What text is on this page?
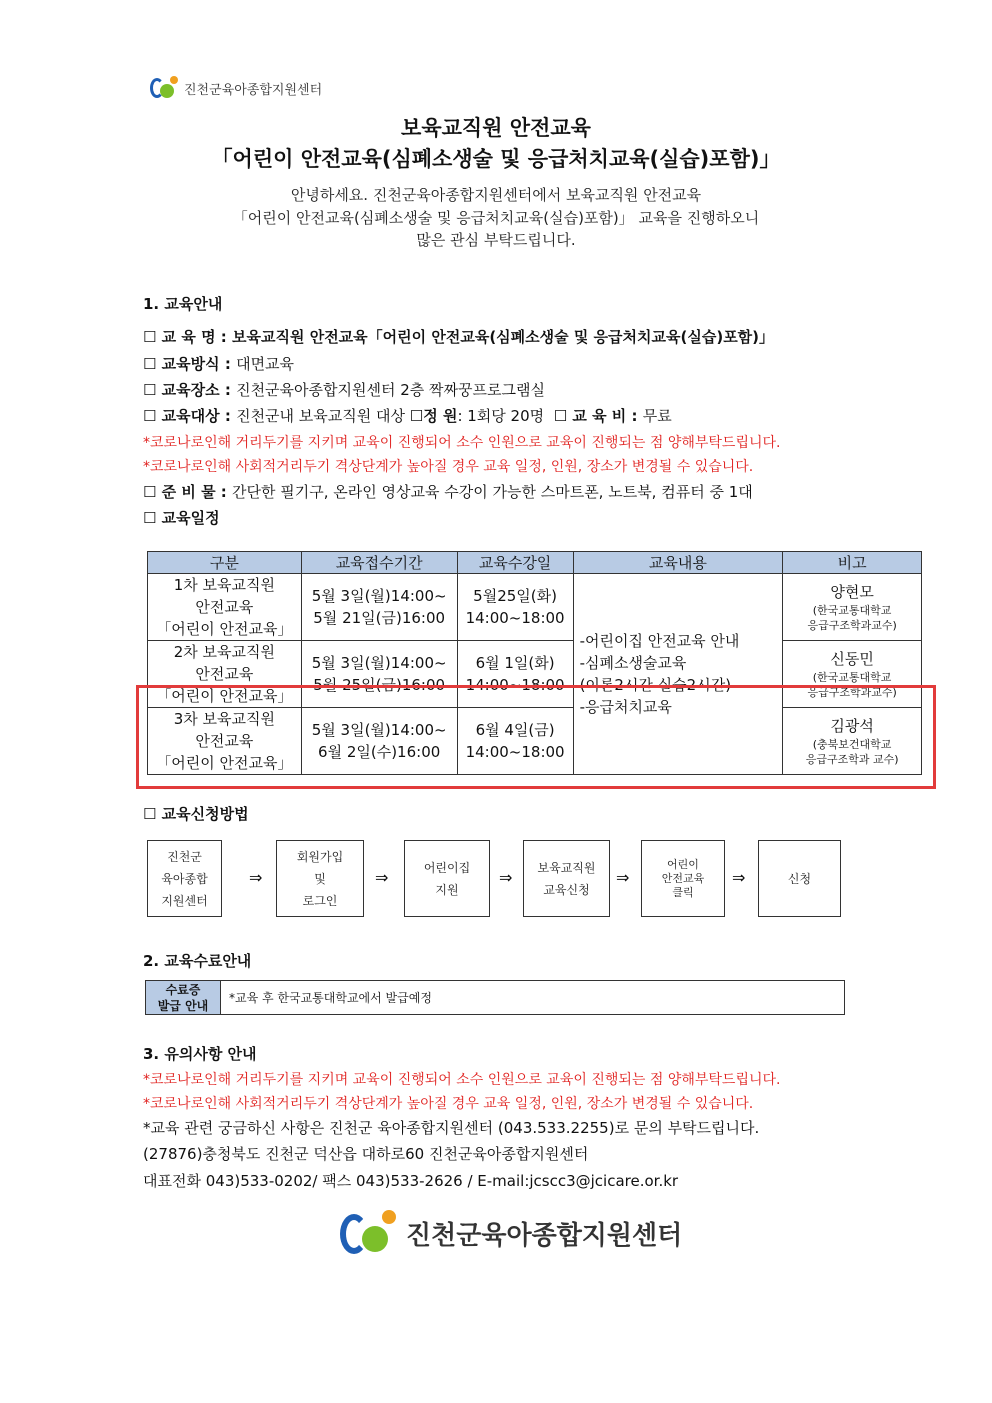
진천군육아종합지원센터
보육교직원 안전교육
「어린이 안전교육(심폐소생술 및 응급처치교육(실습)포함)」
안녕하세요. 진천군육아종합지원센터에서 보육교직원 안전교육
「어린이 안전교육(심폐소생술 및 응급처치교육(실습)포함)」 교육을 진행하오니
많은 관심 부탁드립니다.
1. 교육안내
☐ 교 육 명 : 보육교직원 안전교육「어린이 안전교육(심폐소생술 및 응급처치교육(실습)포함)」
☐ 교육방식 : 대면교육
☐ 교육장소 : 진천군육아종합지원센터 2층 짝짜꿍프로그램실
☐ 교육대상 : 진천군내 보육교직원 대상 ☐정 원: 1회당 20명  ☐ 교 육 비 : 무료
*코로나로인해 거리두기를 지키며 교육이 진행되어 소수 인원으로 교육이 진행되는 점 양해부탁드립니다.
*코로나로인해 사회적거리두기 격상단계가 높아질 경우 교육 일정, 인원, 장소가 변경될 수 있습니다.
☐ 준 비 물 : 간단한 필기구, 온라인 영상교육 수강이 가능한 스마트폰, 노트북, 컴퓨터 중 1대
☐ 교육일정
구분	교육접수기간	교육수강일	교육내용	비고
1차 보육교직원
안전교육
「어린이 안전교육」	5월 3일(월)14:00~
5월 21일(금)16:00	5월25일(화)
14:00~18:00	-어린이집 안전교육 안내
-심폐소생술교육
(이론2시간 실습2시간)
-응급처치교육	양현모
(한국교통대학교
응급구조학과교수)

2차 보육교직원
안전교육
「어린이 안전교육」	5월 3일(월)14:00~
5월 25일(금)16:00	6월 1일(화)
14:00~18:00		신동민
(한국교통대학교
응급구조학과교수)

3차 보육교직원
안전교육
「어린이 안전교육」	5월 3일(월)14:00~
6월 2일(수)16:00	6월 4일(금)
14:00~18:00		김광석
(충북보건대학교
응급구조학과 교수)
☐ 교육신청방법
진천군
육아종합
지원센터
⇒
회원가입
및
로그인
⇒
어린이집
지원
⇒
보육교직원
교육신청
⇒
어린이
안전교육
클릭
⇒	신청
2. 교육수료안내
수료증
발급 안내
*교육 후 한국교통대학교에서 발급예정
3. 유의사항 안내
*코로나로인해 거리두기를 지키며 교육이 진행되어 소수 인원으로 교육이 진행되는 점 양해부탁드립니다.
*코로나로인해 사회적거리두기 격상단계가 높아질 경우 교육 일정, 인원, 장소가 변경될 수 있습니다.
*교육 관련 궁금하신 사항은 진천군 육아종합지원센터 (043.533.2255)로 문의 부탁드립니다.
(27876)충청북도 진천군 덕산읍 대하로60 진천군육아종합지원센터
대표전화 043)533-0202/ 팩스 043)533-2626 / E-mail:jcscc3@jcicare.or.kr
진천군육아종합지원센터
